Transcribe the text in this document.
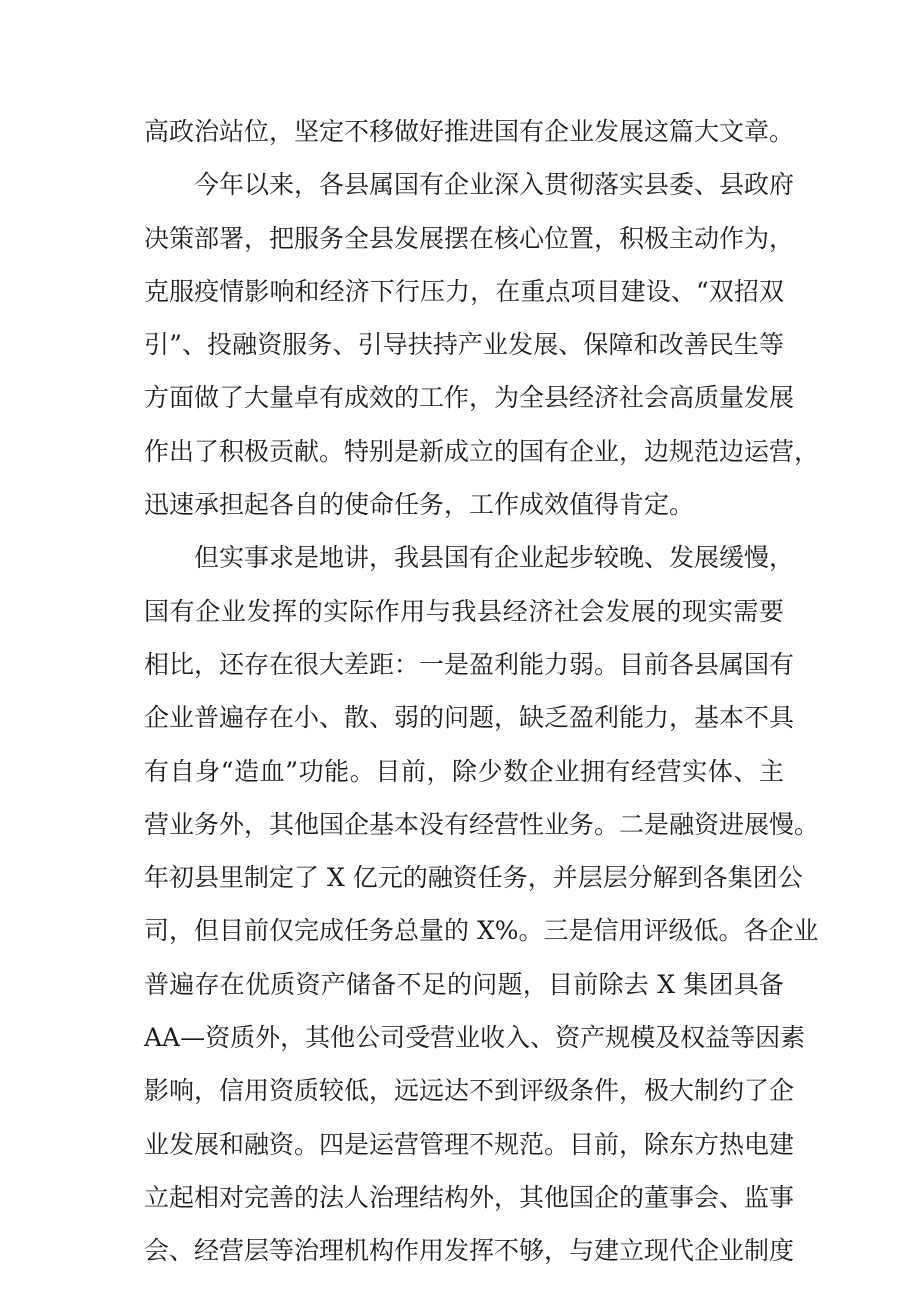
高政治站位，坚定不移做好推进国有企业发展这篇大文章。
今年以来，各县属国有企业深入贯彻落实县委、县政府
决策部署，把服务全县发展摆在核心位置，积极主动作为，
克服疫情影响和经济下行压力，在重点项目建设、“双招双
引”、投融资服务、引导扶持产业发展、保障和改善民生等
方面做了大量卓有成效的工作，为全县经济社会高质量发展
作出了积极贡献。特别是新成立的国有企业，边规范边运营，
迅速承担起各自的使命任务，工作成效值得肯定。
但实事求是地讲，我县国有企业起步较晚、发展缓慢，
国有企业发挥的实际作用与我县经济社会发展的现实需要
相比，还存在很大差距：一是盈利能力弱。目前各县属国有
企业普遍存在小、散、弱的问题，缺乏盈利能力，基本不具
有自身“造血”功能。目前，除少数企业拥有经营实体、主
营业务外，其他国企基本没有经营性业务。二是融资进展慢。
年初县里制定了 X 亿元的融资任务，并层层分解到各集团公
司，但目前仅完成任务总量的 X%。三是信用评级低。各企业
普遍存在优质资产储备不足的问题，目前除去 X 集团具备
AA—资质外，其他公司受营业收入、资产规模及权益等因素
影响，信用资质较低，远远达不到评级条件，极大制约了企
业发展和融资。四是运营管理不规范。目前，除东方热电建
立起相对完善的法人治理结构外，其他国企的董事会、监事
会、经营层等治理机构作用发挥不够，与建立现代企业制度
